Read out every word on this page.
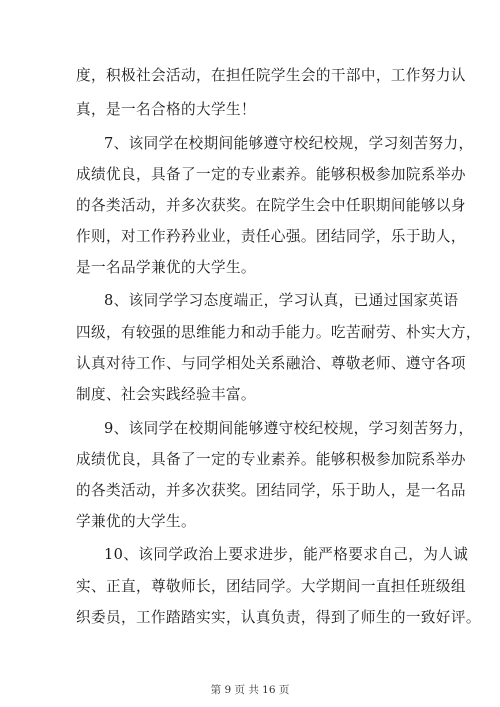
度，积极社会活动，在担任院学生会的干部中，工作努力认
真，是一名合格的大学生！
7、该同学在校期间能够遵守校纪校规，学习刻苦努力，
成绩优良，具备了一定的专业素养。能够积极参加院系举办
的各类活动，并多次获奖。在院学生会中任职期间能够以身
作则，对工作矜矜业业，责任心强。团结同学，乐于助人，
是一名品学兼优的大学生。
8、该同学学习态度端正，学习认真，已通过国家英语
四级，有较强的思维能力和动手能力。吃苦耐劳、朴实大方，
认真对待工作、与同学相处关系融洽、尊敬老师、遵守各项
制度、社会实践经验丰富。
9、该同学在校期间能够遵守校纪校规，学习刻苦努力，
成绩优良，具备了一定的专业素养。能够积极参加院系举办
的各类活动，并多次获奖。团结同学，乐于助人，是一名品
学兼优的大学生。
10、该同学政治上要求进步，能严格要求自己，为人诚
实、正直，尊敬师长，团结同学。大学期间一直担任班级组
织委员，工作踏踏实实，认真负责，得到了师生的一致好评。
第 9 页 共 16 页
